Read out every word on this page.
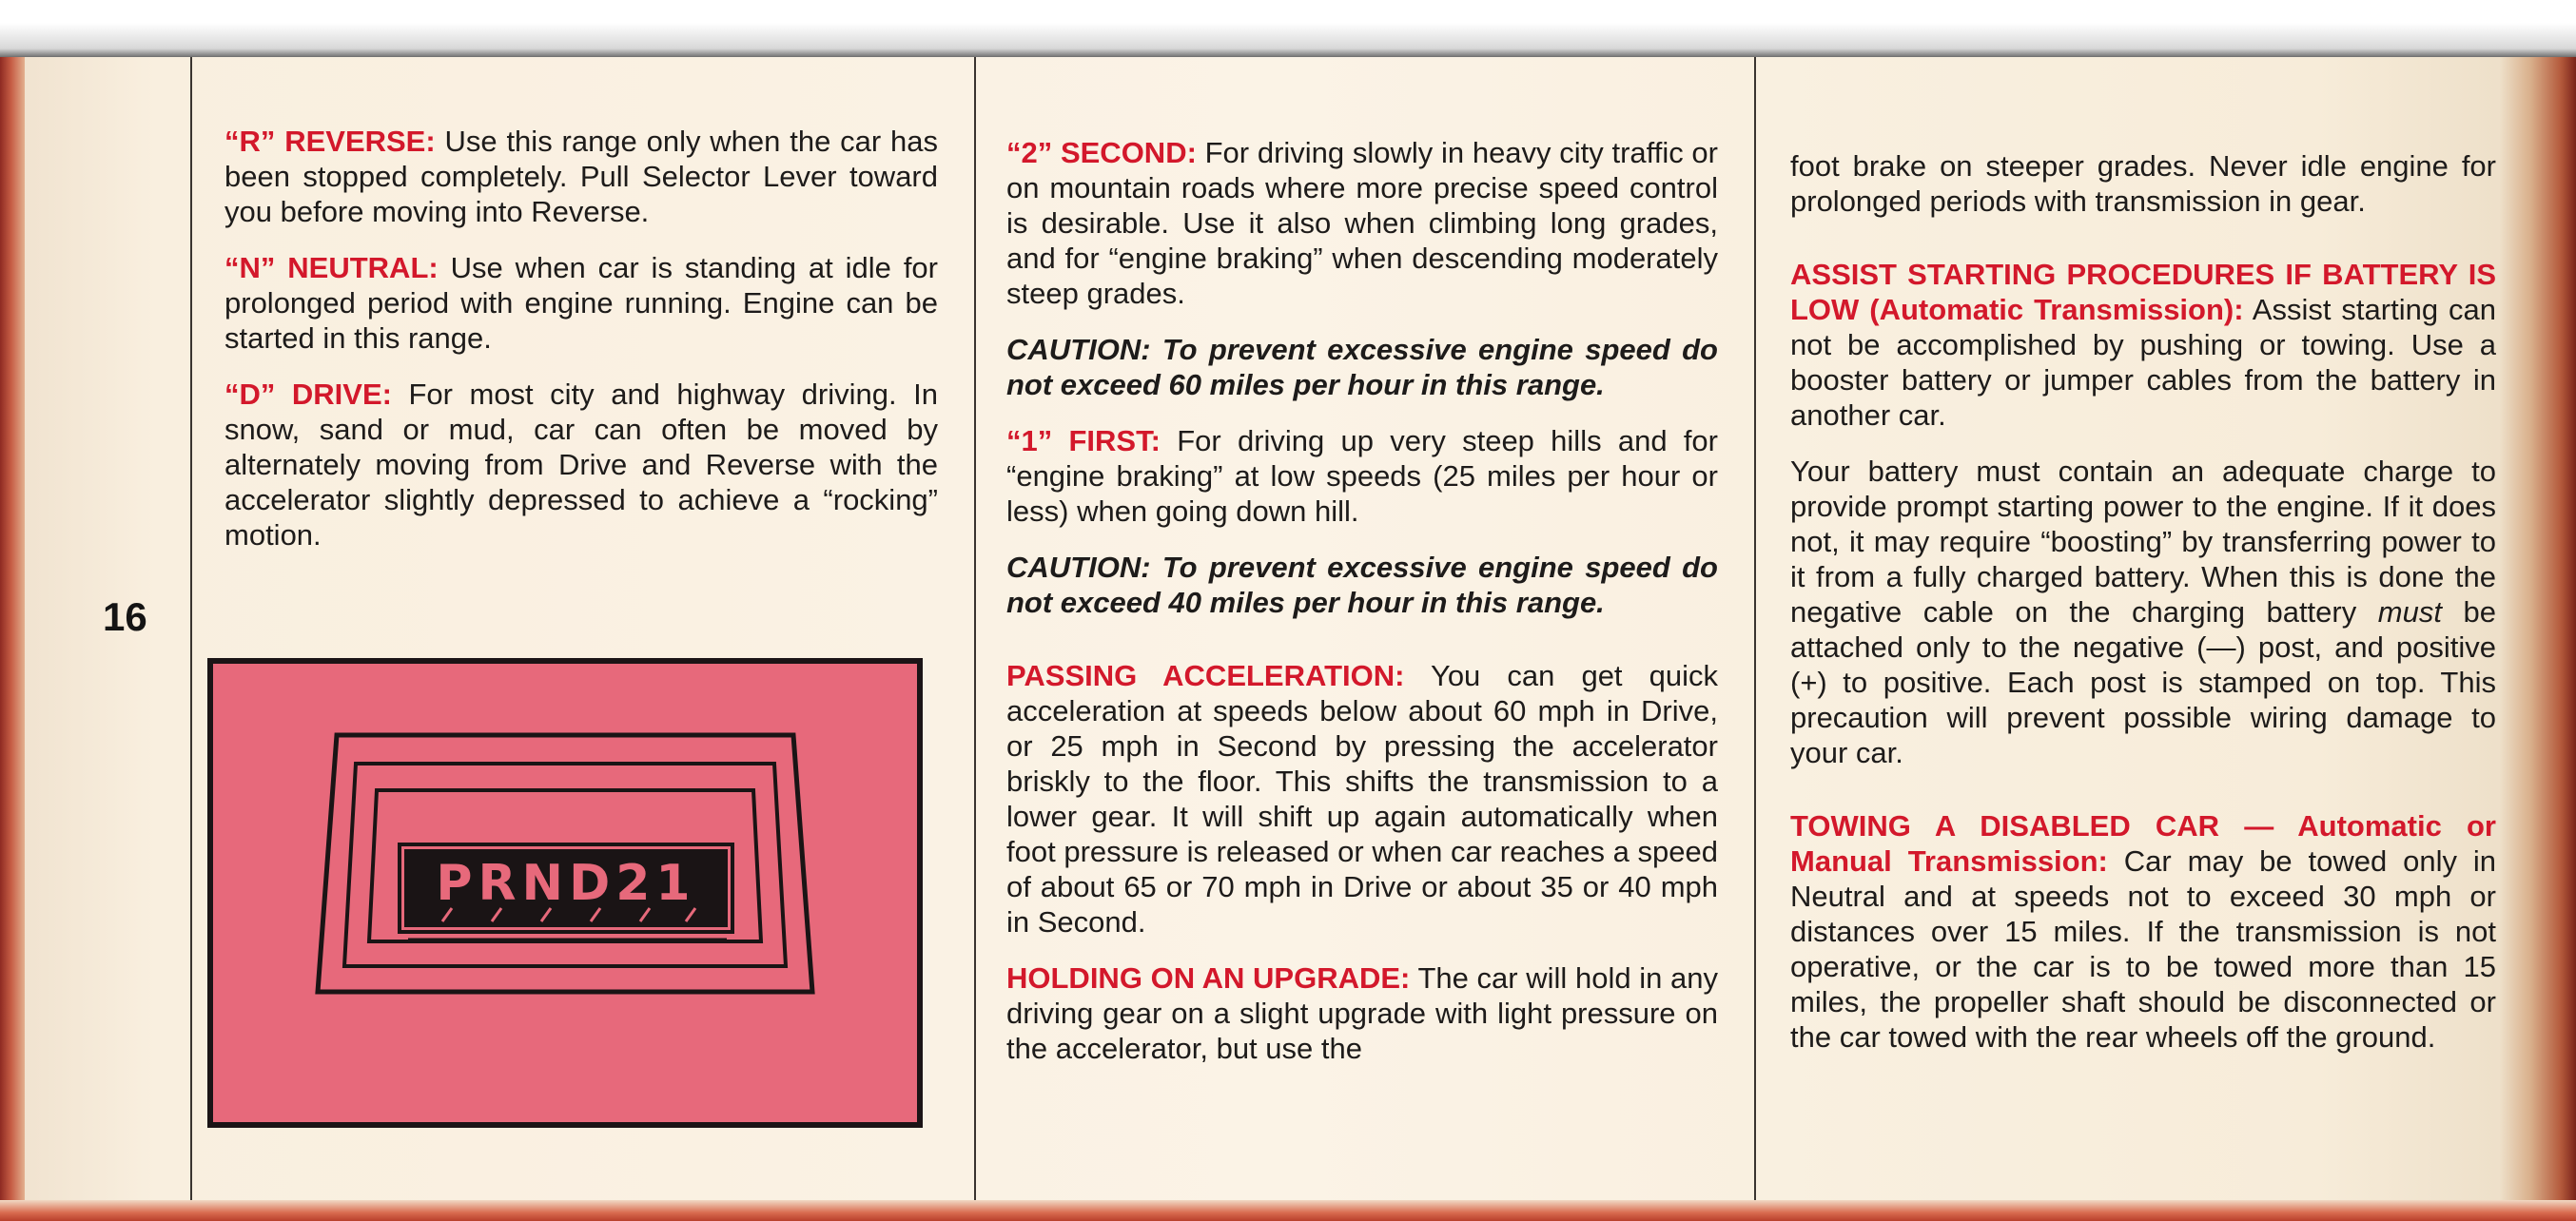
16

“R” REVERSE: Use this range only when the car has been stopped completely. Pull Selector Lever toward you before moving into Reverse.

“N” NEUTRAL: Use when car is standing at idle for prolonged period with engine running. Engine can be started in this range.

“D” DRIVE: For most city and highway driving. In snow, sand or mud, car can often be moved by alternately moving from Drive and Reverse with the accelerator slightly depressed to achieve a “rocking” motion.

PRND21

“2” SECOND: For driving slowly in heavy city traffic or on mountain roads where more precise speed control is desirable. Use it also when climbing long grades, and for “engine braking” when descending moderately steep grades.

CAUTION: To prevent excessive engine speed do not exceed 60 miles per hour in this range.

“1” FIRST: For driving up very steep hills and for “engine braking” at low speeds (25 miles per hour or less) when going down hill.

CAUTION: To prevent excessive engine speed do not exceed 40 miles per hour in this range.

PASSING ACCELERATION: You can get quick acceleration at speeds below about 60 mph in Drive, or 25 mph in Second by pressing the accelerator briskly to the floor. This shifts the transmission to a lower gear. It will shift up again automatically when foot pressure is released or when car reaches a speed of about 65 or 70 mph in Drive or about 35 or 40 mph in Second.

HOLDING ON AN UPGRADE: The car will hold in any driving gear on a slight upgrade with light pressure on the accelerator, but use the

foot brake on steeper grades. Never idle engine for prolonged periods with transmission in gear.

ASSIST STARTING PROCEDURES IF BATTERY IS LOW (Automatic Transmission): Assist starting can not be accomplished by pushing or towing. Use a booster battery or jumper cables from the battery in another car.

Your battery must contain an adequate charge to provide prompt starting power to the engine. If it does not, it may require “boosting” by transferring power to it from a fully charged battery. When this is done the negative cable on the charging battery must be attached only to the negative (—) post, and positive (+) to positive. Each post is stamped on top. This precaution will prevent possible wiring damage to your car.

TOWING A DISABLED CAR — Automatic or Manual Transmission: Car may be towed only in Neutral and at speeds not to exceed 30 mph or distances over 15 miles. If the transmission is not operative, or the car is to be towed more than 15 miles, the propeller shaft should be disconnected or the car towed with the rear wheels off the ground.
